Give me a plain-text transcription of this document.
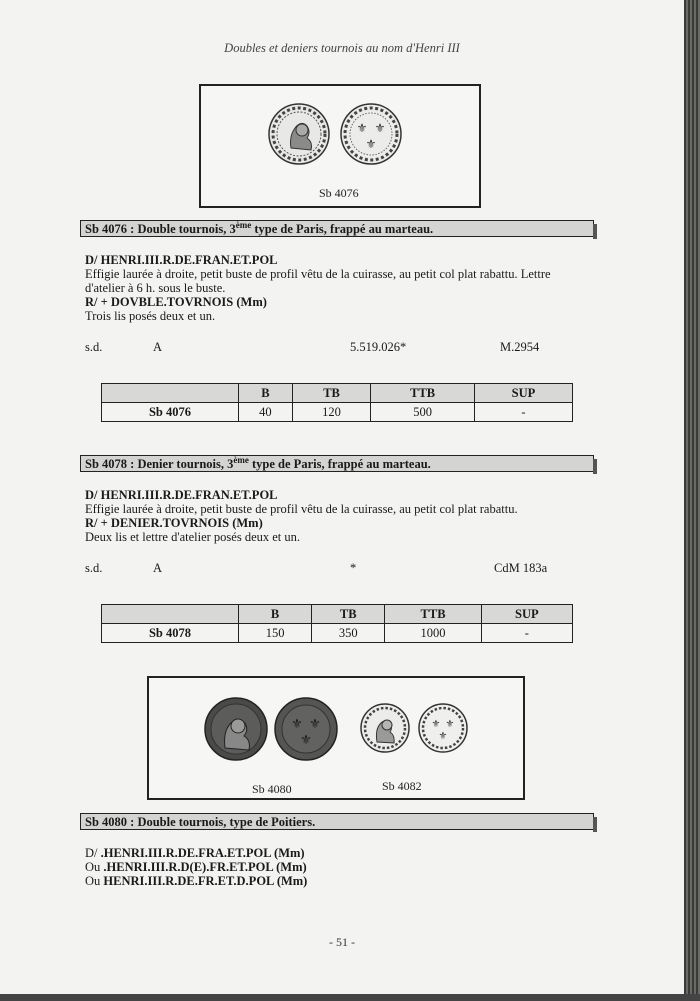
Doubles et deniers tournois au nom d'Henri III
⚜ ⚜
⚜
Sb 4076
Sb 4076 : Double tournois, 3ème type de Paris, frappé au marteau.
D/ HENRI.III.R.DE.FRAN.ET.POL
Effigie laurée à droite, petit buste de profil vêtu de la cuirasse, au petit col plat rabattu. Lettre
d'atelier à 6 h. sous le buste.
R/ + DOVBLE.TOVRNOIS (Mm)
Trois lis posés deux et un.
s.d.	A	5.519.026*	M.2954
	B	TB	TTB	SUP
Sb 4076	40	120	500	-
Sb 4078 : Denier tournois, 3ème type de Paris, frappé au marteau.
D/ HENRI.III.R.DE.FRAN.ET.POL
Effigie laurée à droite, petit buste de profil vêtu de la cuirasse, au petit col plat rabattu.
R/ + DENIER.TOVRNOIS (Mm)
Deux lis et lettre d'atelier posés deux et un.
s.d.	A	*	CdM 183a
	B	TB	TTB	SUP
Sb 4078	150	350	1000	-
⚜ ⚜
⚜
⚜ ⚜
⚜
Sb 4080	Sb 4082
Sb 4080 : Double tournois, type de Poitiers.
D/ .HENRI.III.R.DE.FRA.ET.POL (Mm)
Ou .HENRI.III.R.D(E).FR.ET.POL (Mm)
Ou HENRI.III.R.DE.FR.ET.D.POL (Mm)
- 51 -
